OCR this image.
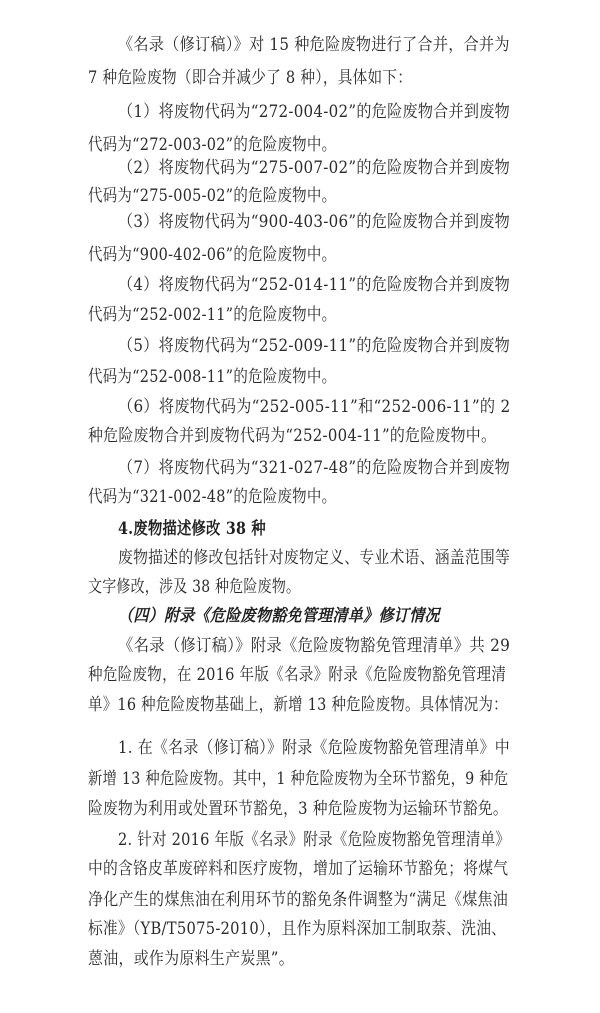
《名录（修订稿）》对 15 种危险废物进行了合并，合并为
7 种危险废物（即合并减少了 8 种），具体如下：
（1）将废物代码为“272-004-02”的危险废物合并到废物
代码为“272-003-02”的危险废物中。
（2）将废物代码为“275-007-02”的危险废物合并到废物
代码为“275-005-02”的危险废物中。
（3）将废物代码为“900-403-06”的危险废物合并到废物
代码为“900-402-06”的危险废物中。
（4）将废物代码为“252-014-11”的危险废物合并到废物
代码为“252-002-11”的危险废物中。
（5）将废物代码为“252-009-11”的危险废物合并到废物
代码为“252-008-11”的危险废物中。
（6）将废物代码为“252-005-11”和“252-006-11”的 2
种危险废物合并到废物代码为“252-004-11”的危险废物中。
（7）将废物代码为“321-027-48”的危险废物合并到废物
代码为“321-002-48”的危险废物中。
4.废物描述修改 38 种
废物描述的修改包括针对废物定义、专业术语、涵盖范围等
文字修改，涉及 38 种危险废物。
（四）附录《危险废物豁免管理清单》修订情况
《名录（修订稿）》附录《危险废物豁免管理清单》共 29
种危险废物，在 2016 年版《名录》附录《危险废物豁免管理清
单》16 种危险废物基础上，新增 13 种危险废物。具体情况为：
1. 在《名录（修订稿）》附录《危险废物豁免管理清单》中
新增 13 种危险废物。其中，1 种危险废物为全环节豁免，9 种危
险废物为利用或处置环节豁免，3 种危险废物为运输环节豁免。
2. 针对 2016 年版《名录》附录《危险废物豁免管理清单》
中的含铬皮革废碎料和医疗废物，增加了运输环节豁免；将煤气
净化产生的煤焦油在利用环节的豁免条件调整为“满足《煤焦油
标准》（YB/T5075-2010），且作为原料深加工制取萘、洗油、
蒽油，或作为原料生产炭黑”。
